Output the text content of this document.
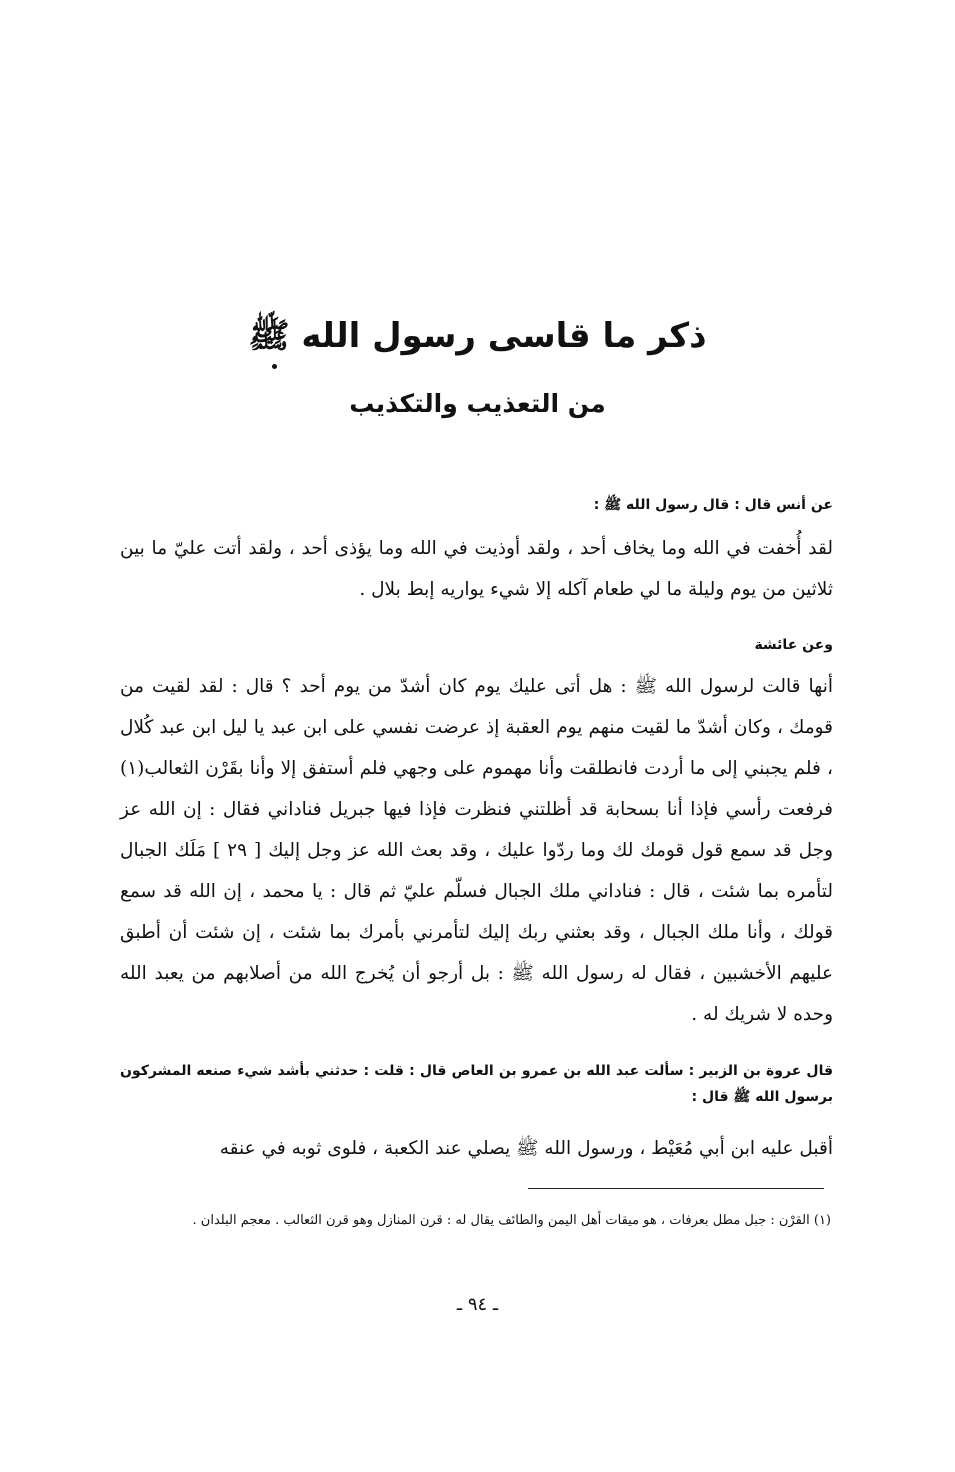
ذكر ما قاسى رسول الله ﷺ
من التعذيب والتكذيب
عن أنس قال : قال رسول الله ﷺ :
لقد أُخفت في الله وما يخاف أحد ، ولقد أوذيت في الله وما يؤذى أحد ، ولقد أتت عليّ ما بين ثلاثين من يوم وليلة ما لي طعام آكله إلا شيء يواريه إبط بلال .
وعن عائشة
أنها قالت لرسول الله ﷺ : هل أتى عليك يوم كان أشدّ من يوم أحد ؟ قال : لقد لقيت من قومك ، وكان أشدّ ما لقيت منهم يوم العقبة إذ عرضت نفسي على ابن عبد يا ليل ابن عبد كُلال ، فلم يجبني إلى ما أردت فانطلقت وأنا مهموم على وجهي فلم أستفق إلا وأنا بقَرْن الثعالب(١) فرفعت رأسي فإذا أنا بسحابة قد أظلتني فنظرت فإذا فيها جبريل فناداني فقال : إن الله عز وجل قد سمع قول قومك لك وما ردّوا عليك ، وقد بعث الله عز وجل إليك [ ٢٩ ] مَلَك الجبال لتأمره بما شئت ، قال : فناداني ملك الجبال فسلّم عليّ ثم قال : يا محمد ، إن الله قد سمع قولك ، وأنا ملك الجبال ، وقد بعثني ربك إليك لتأمرني بأمرك بما شئت ، إن شئت أن أطبق عليهم الأخشبين ، فقال له رسول الله ﷺ : بل أرجو أن يُخرج الله من أصلابهم من يعبد الله وحده لا شريك له .
قال عروة بن الزبير : سألت عبد الله بن عمرو بن العاص قال : قلت : حدثني بأشد شيء صنعه المشركون برسول الله ﷺ قال :
أقبل عليه ابن أبي مُعَيْط ، ورسول الله ﷺ يصلي عند الكعبة ، فلوى ثوبه في عنقه
(١) القرْن : جبل مطل بعرفات ، هو ميقات أهل اليمن والطائف يقال له : قرن المنازل وهو قرن الثعالب . معجم البلدان .
ـ ٩٤ ـ
